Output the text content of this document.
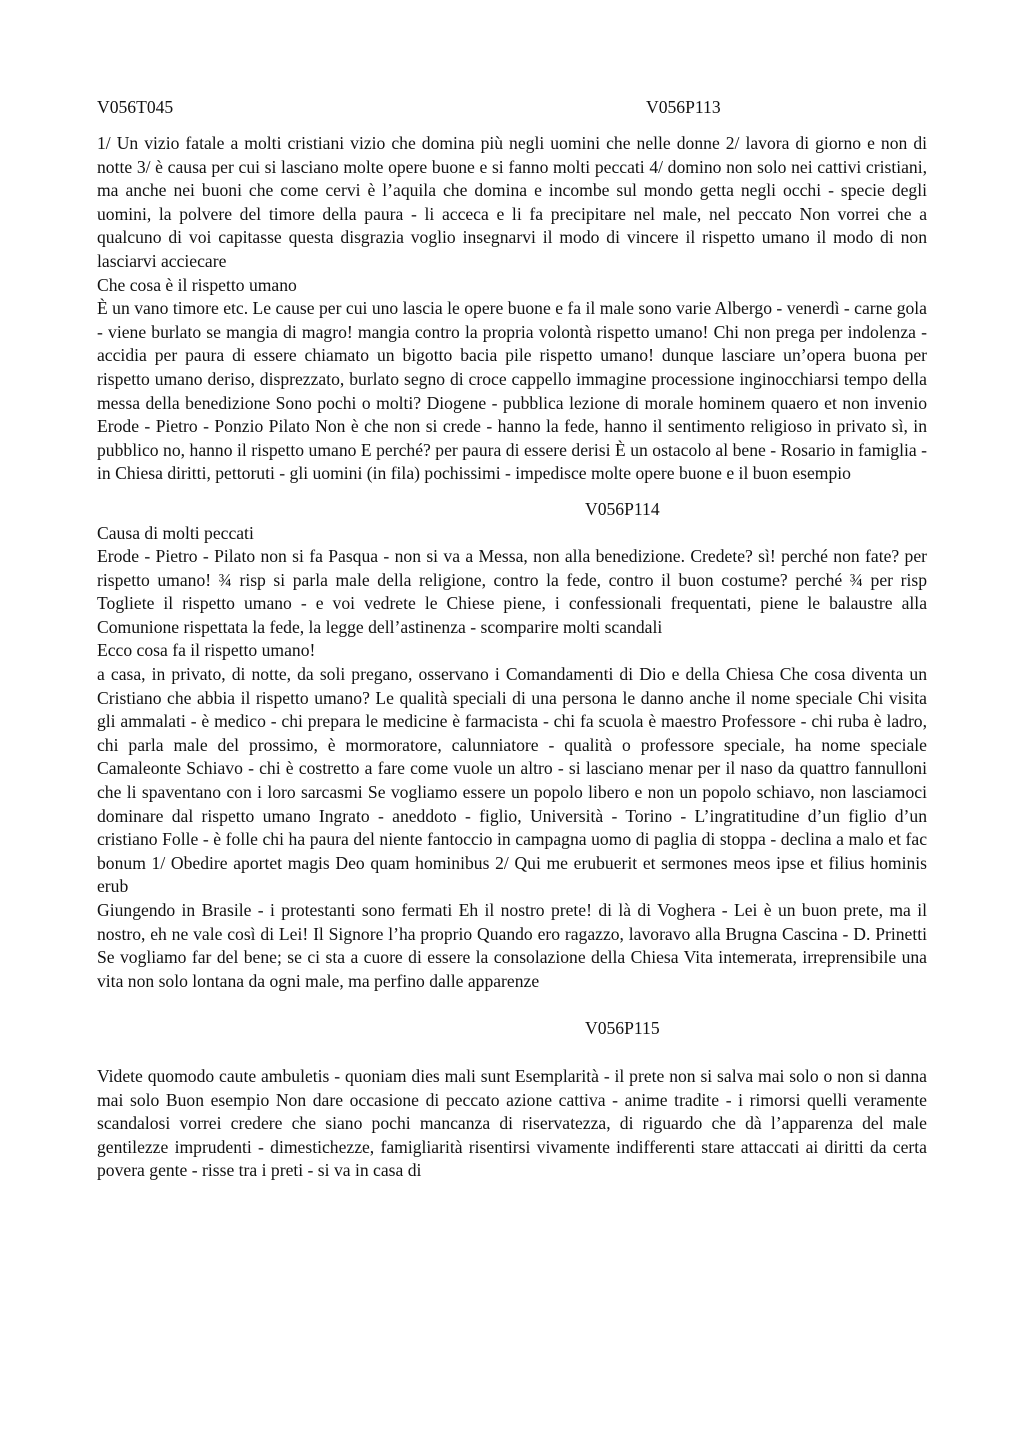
V056T045	V056P113

1/ Un vizio fatale a molti cristiani vizio che domina più negli uomini che nelle donne 2/ lavora di giorno e non di notte 3/ è causa per cui si lasciano molte opere buone e si fanno molti peccati 4/ domino non solo nei cattivi cristiani, ma anche nei buoni che come cervi è l’aquila che domina e incombe sul mondo getta negli occhi - specie degli uomini, la polvere del timore della paura - li acceca e li fa precipitare nel male, nel peccato Non vorrei che a qualcuno di voi capitasse questa disgrazia voglio insegnarvi il modo di vincere il rispetto umano il modo di non lasciarvi acciecare

Che cosa è il rispetto umano

È un vano timore etc. Le cause per cui uno lascia le opere buone e fa il male sono varie Albergo - venerdì - carne gola - viene burlato se mangia di magro! mangia contro la propria volontà rispetto umano! Chi non prega per indolenza - accidia per paura di essere chiamato un bigotto bacia pile rispetto umano! dunque lasciare un’opera buona per rispetto umano deriso, disprezzato, burlato segno di croce cappello immagine processione inginocchiarsi tempo della messa della benedizione Sono pochi o molti? Diogene - pubblica lezione di morale hominem quaero et non invenio Erode - Pietro - Ponzio Pilato Non è che non si crede - hanno la fede, hanno il sentimento religioso in privato sì, in pubblico no, hanno il rispetto umano E perché? per paura di essere derisi È un ostacolo al bene - Rosario in famiglia - in Chiesa diritti, pettoruti - gli uomini (in fila) pochissimi - impedisce molte opere buone e il buon esempio

V056P114

Causa di molti peccati

Erode - Pietro - Pilato non si fa Pasqua - non si va a Messa, non alla benedizione. Credete? sì! perché non fate? per rispetto umano! ¾ risp si parla male della religione, contro la fede, contro il buon costume? perché ¾ per risp Togliete il rispetto umano - e voi vedrete le Chiese piene, i confessionali frequentati, piene le balaustre alla Comunione rispettata la fede, la legge dell’astinenza - scomparire molti scandali

Ecco cosa fa il rispetto umano!

a casa, in privato, di notte, da soli pregano, osservano i Comandamenti di Dio e della Chiesa Che cosa diventa un Cristiano che abbia il rispetto umano? Le qualità speciali di una persona le danno anche il nome speciale Chi visita gli ammalati - è medico - chi prepara le medicine è farmacista - chi fa scuola è maestro Professore - chi ruba è ladro, chi parla male del prossimo, è mormoratore, calunniatore - qualità o professore speciale, ha nome speciale Camaleonte Schiavo - chi è costretto a fare come vuole un altro - si lasciano menar per il naso da quattro fannulloni che li spaventano con i loro sarcasmi Se vogliamo essere un popolo libero e non un popolo schiavo, non lasciamoci dominare dal rispetto umano Ingrato - aneddoto - figlio, Università - Torino - L’ingratitudine d’un figlio d’un cristiano Folle - è folle chi ha paura del niente fantoccio in campagna uomo di paglia di stoppa - declina a malo et fac bonum 1/ Obedire aportet magis Deo quam hominibus 2/ Qui me erubuerit et sermones meos ipse et filius hominis erub

Giungendo in Brasile - i protestanti sono fermati Eh il nostro prete! di là di Voghera - Lei è un buon prete, ma il nostro, eh ne vale così di Lei! Il Signore l’ha proprio Quando ero ragazzo, lavoravo alla Brugna Cascina - D. Prinetti Se vogliamo far del bene; se ci sta a cuore di essere la consolazione della Chiesa Vita intemerata, irreprensibile una vita non solo lontana da ogni male, ma perfino dalle apparenze

V056P115

Videte quomodo caute ambuletis - quoniam dies mali sunt Esemplarità - il prete non si salva mai solo o non si danna mai solo Buon esempio Non dare occasione di peccato azione cattiva - anime tradite - i rimorsi quelli veramente scandalosi vorrei credere che siano pochi mancanza di riservatezza, di riguardo che dà l’apparenza del male gentilezze imprudenti - dimestichezze, famigliarità risentirsi vivamente indifferenti stare attaccati ai diritti da certa povera gente - risse tra i preti - si va in casa di
